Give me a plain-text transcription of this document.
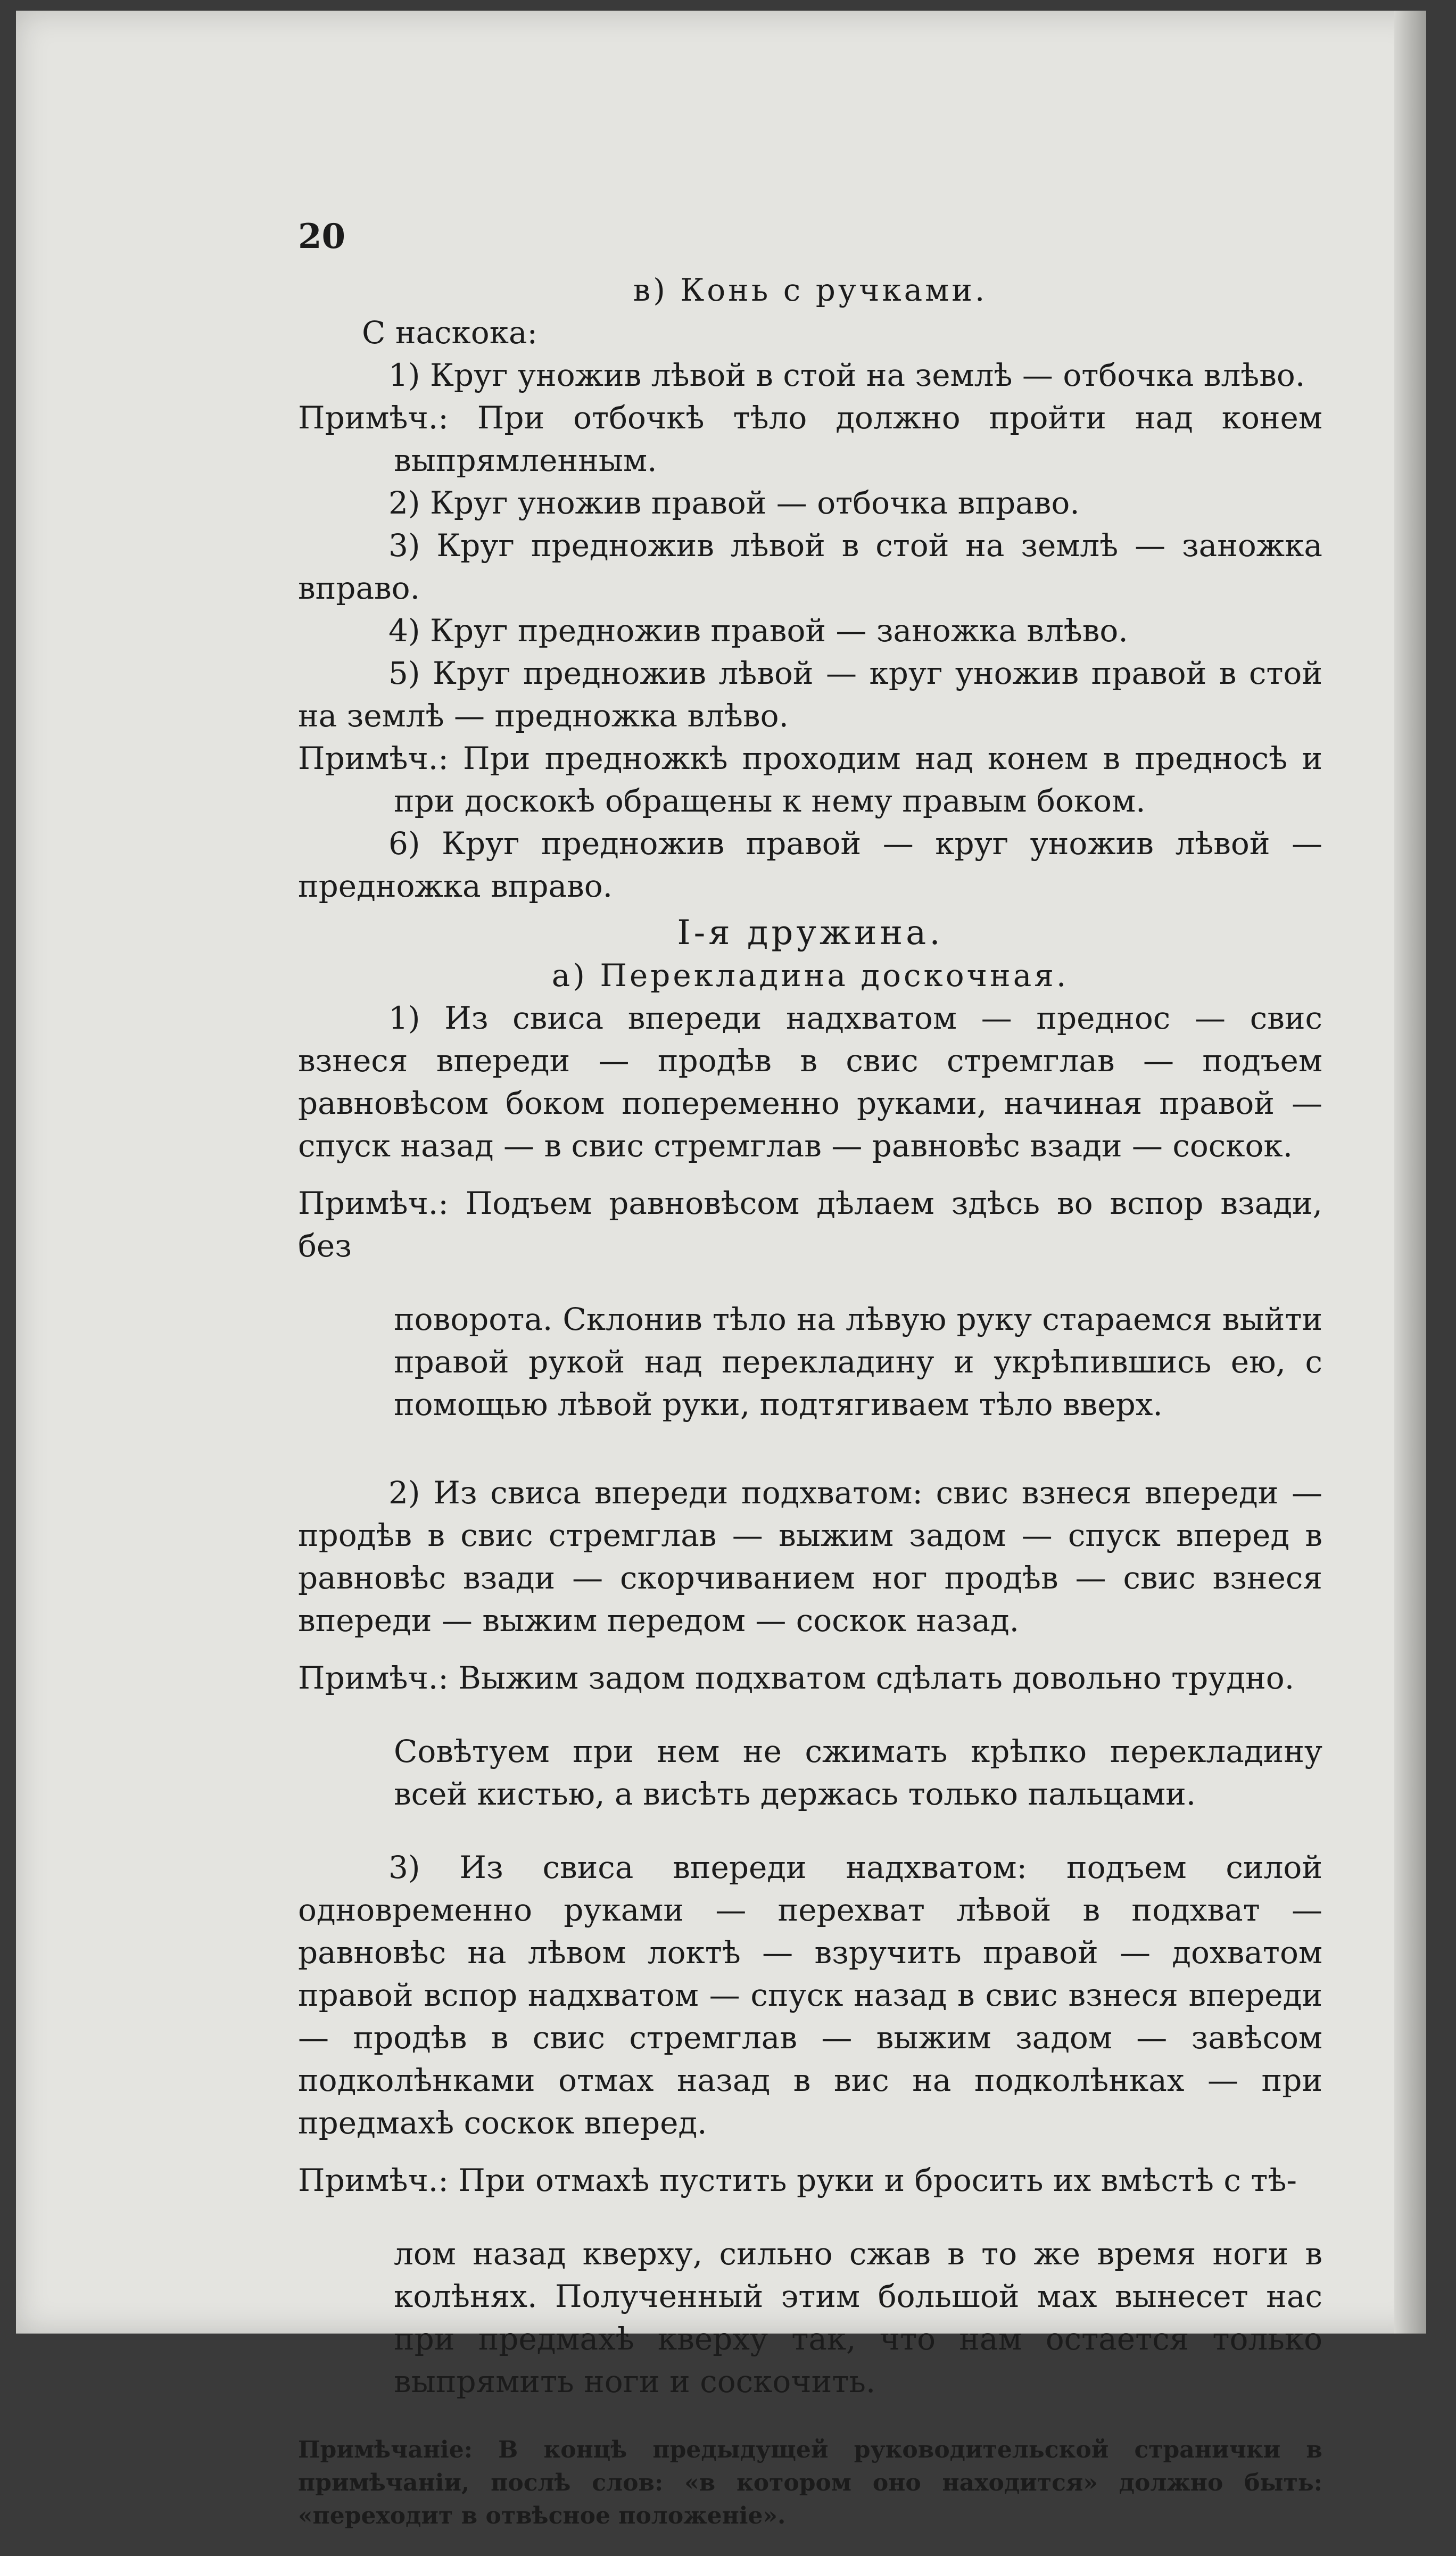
20
в) Конь с ручками.

С наскока:

1) Круг уножив лѣвой в стой на землѣ — отбочка влѣво.

Примѣч.: При отбочкѣ тѣло должно пройти над конем выпрямленным.

2) Круг уножив правой — отбочка вправо.

3) Круг предножив лѣвой в стой на землѣ — заножка вправо.

4) Круг предножив правой — заножка влѣво.

5) Круг предножив лѣвой — круг уножив правой в стой на землѣ — предножка влѣво.

Примѣч.: При предножкѣ проходим над конем в предносѣ и при доскокѣ обращены к нему правым боком.

6) Круг предножив правой — круг уножив лѣвой — предножка вправо.

I-я дружина.
а) Перекладина доскочная.

1) Из свиса впереди надхватом — преднос — свис взнеся впереди — продѣв в свис стремглав — подъем равновѣсом боком попеременно руками, начиная правой — спуск назад — в свис стремглав — равновѣс взади — соскок.

Примѣч.: Подъем равновѣсом дѣлаем здѣсь во вспор взади, без

поворота. Склонив тѣло на лѣвую руку стараемся выйти правой рукой над перекладину и укрѣпившись ею, с помощью лѣвой руки, подтягиваем тѣло вверх.

2) Из свиса впереди подхватом: свис взнеся впереди — продѣв в свис стремглав — выжим задом — спуск вперед в равновѣс взади — скорчиванием ног продѣв — свис взнеся впереди — выжим передом — соскок назад.

Примѣч.: Выжим задом подхватом сдѣлать довольно трудно.

Совѣтуем при нем не сжимать крѣпко перекладину всей кистью, а висѣть держась только пальцами.

3) Из свиса впереди надхватом: подъем силой одновременно руками — перехват лѣвой в подхват — равновѣс на лѣвом локтѣ — взручить правой — дохватом правой вспор надхватом — спуск назад в свис взнеся впереди — продѣв в свис стремглав — выжим задом — завѣсом подколѣнками отмах назад в вис на подколѣнках — при предмахѣ соскок вперед.

Примѣч.: При отмахѣ пустить руки и бросить их вмѣстѣ с тѣ-

лом назад кверху, сильно сжав в то же время ноги в колѣнях. Полученный этим большой мах вынесет нас при предмахѣ кверху так, что нам остается только выпрямить ноги и соскочить.

Примѣчаніе: В концѣ предыдущей руководительской странички в примѣчаніи, послѣ слов: «в котором оно находится» должно быть: «переходит в отвѣсное положеніе».
